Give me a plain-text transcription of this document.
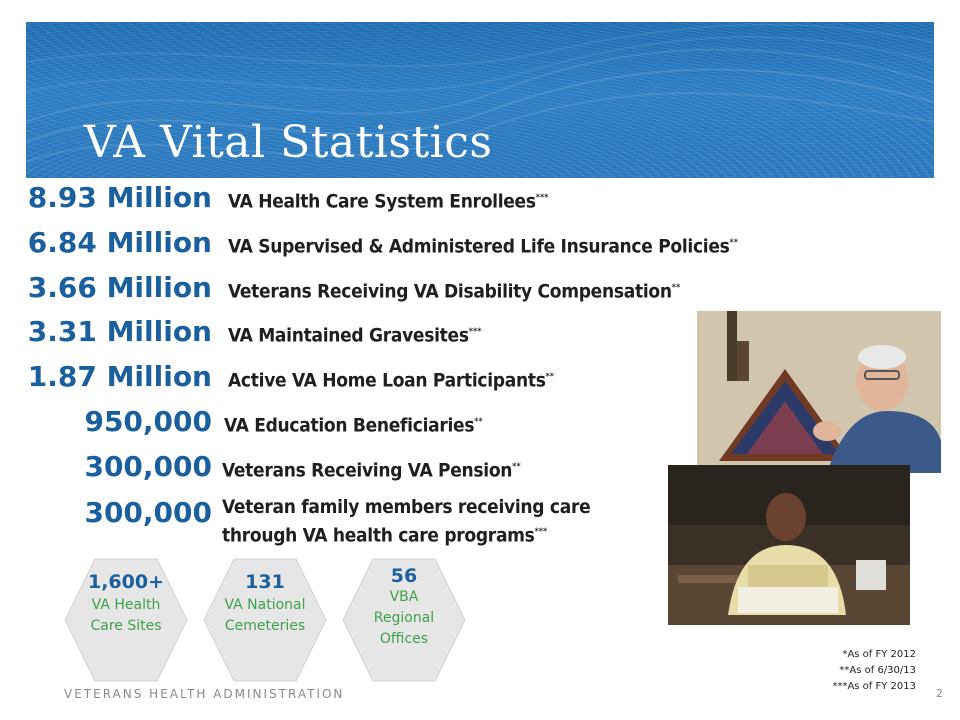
VA Vital Statistics
8.93 Million VA Health Care System Enrollees***
6.84 Million VA Supervised & Administered Life Insurance Policies**
3.66 Million Veterans Receiving VA Disability Compensation**
3.31 Million VA Maintained Gravesites***
1.87 Million Active VA Home Loan Participants**
950,000 VA Education Beneficiaries**
300,000 Veterans Receiving VA Pension**
300,000 Veteran family members receiving care
through VA health care programs***
1,600+
VA Health
Care Sites
131
VA National
Cemeteries
56
VBA
Regional
Offices
*As of FY 2012
**As of 6/30/13
***As of FY 2013
VETERANS HEALTH ADMINISTRATION	2
